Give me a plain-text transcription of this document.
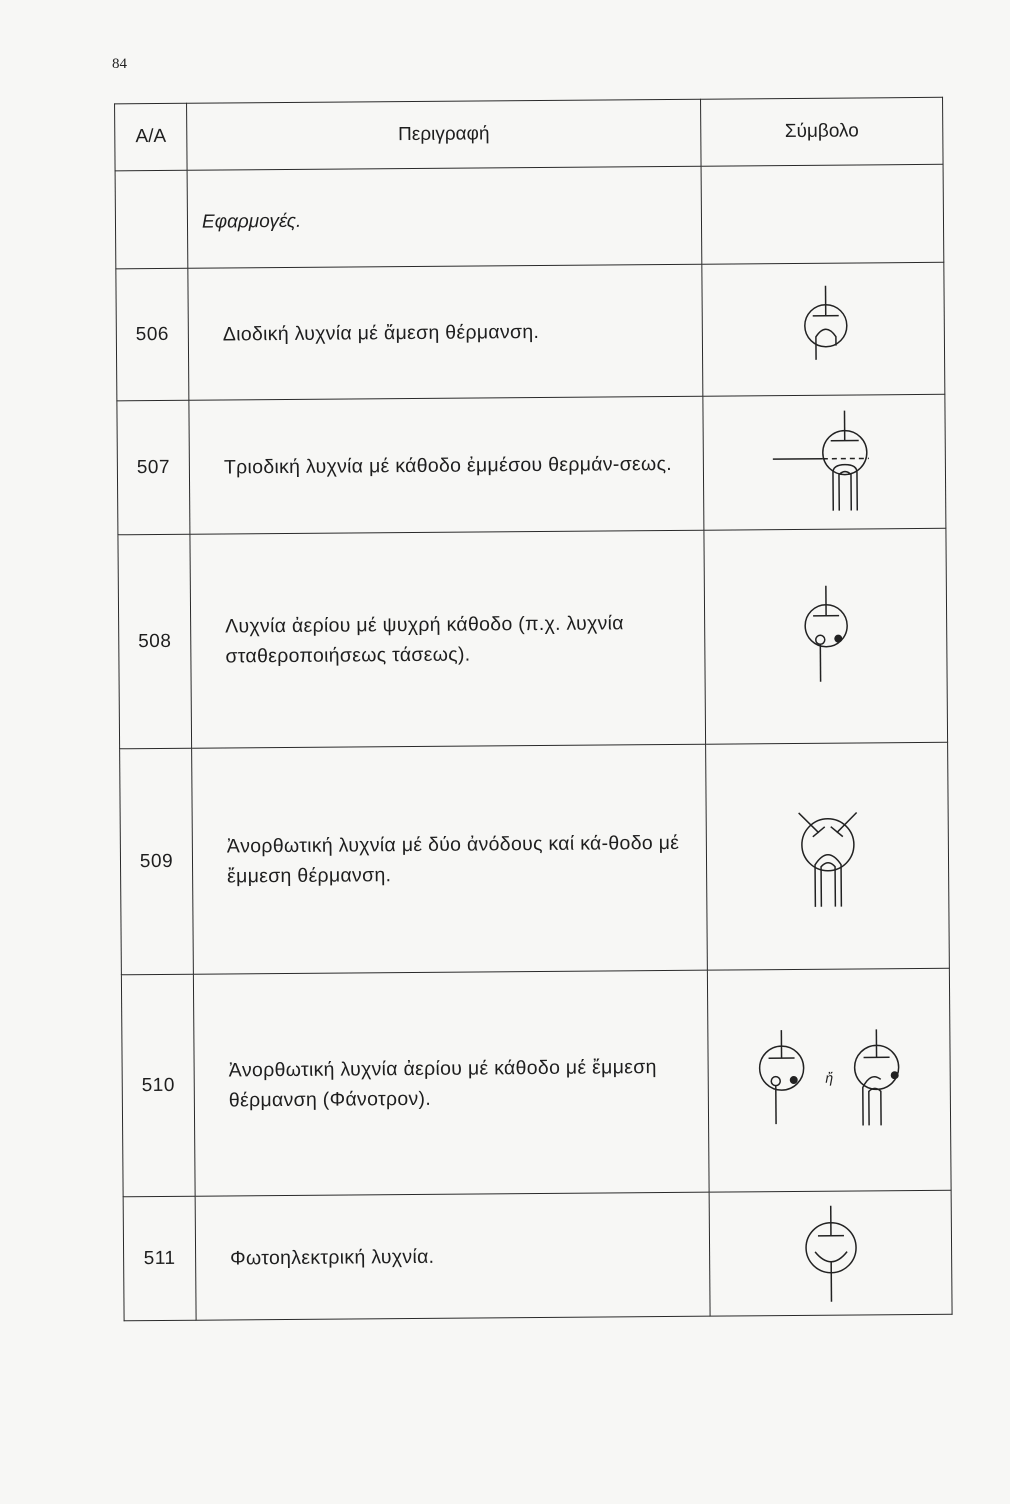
84
Α/Α	Περιγραφή	Σύμβολο
	Εφαρμογές.	
506	Διοδική λυχνία μέ ἄμεση θέρμανση.	
507	Τριοδική λυχνία μέ κάθοδο ἐμμέσου θερμάν-σεως.	
508	Λυχνία ἀερίου μέ ψυχρή κάθοδο (π.χ. λυχνία σταθεροποιήσεως τάσεως).	
509	Ἀνορθωτική λυχνία μέ δύο ἀνόδους καί κά-θοδο μέ ἔμμεση θέρμανση.	
510	Ἀνορθωτική λυχνία ἀερίου μέ κάθοδο μέ ἔμμεση θέρμανση (Φάνοτρον).	ἤ

511	Φωτοηλεκτρική λυχνία.	
